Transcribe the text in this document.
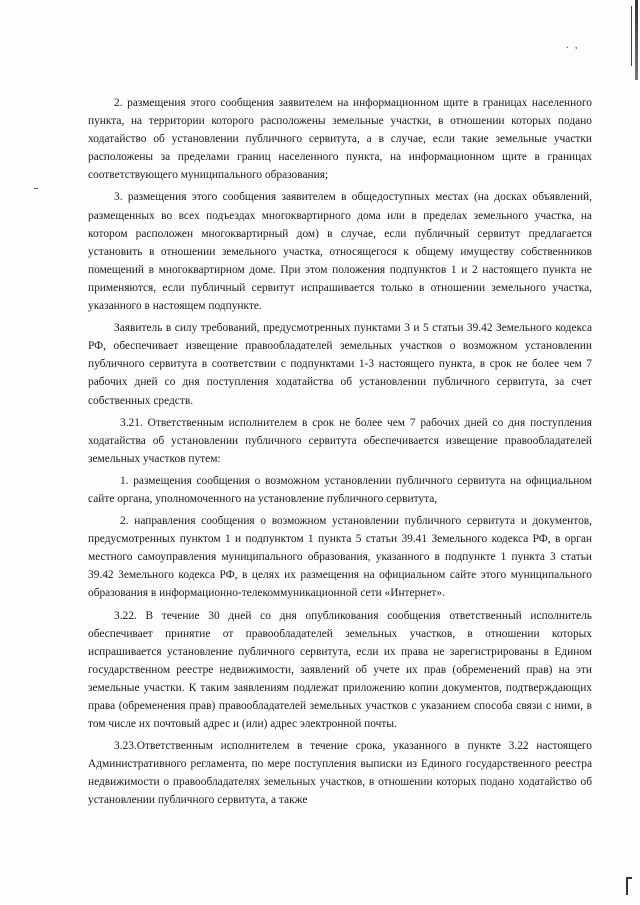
. ,

2. размещения этого сообщения заявителем на информационном щите в границах населенного пункта, на территории которого расположены земельные участки, в отношении которых подано ходатайство об установлении публичного сервитута, а в случае, если такие земельные участки расположены за пределами границ населенного пункта, на информационном щите в границах соответствующего муниципального образования;

3. размещения этого сообщения заявителем в общедоступных местах (на досках объявлений, размещенных во всех подъездах многоквартирного дома или в пределах земельного участка, на котором расположен многоквартирный дом) в случае, если публичный сервитут предлагается установить в отношении земельного участка, относящегося к общему имуществу собственников помещений в многоквартирном доме. При этом положения подпунктов 1 и 2 настоящего пункта не применяются, если публичный сервитут испрашивается только в отношении земельного участка, указанного в настоящем подпункте.

Заявитель в силу требований, предусмотренных пунктами 3 и 5 статьи 39.42 Земельного кодекса РФ, обеспечивает извещение правообладателей земельных участков о возможном установлении публичного сервитута в соответствии с подпунктами 1-3 настоящего пункта, в срок не более чем 7 рабочих дней со дня поступления ходатайства об установлении публичного сервитута, за счет собственных средств.

3.21. Ответственным исполнителем в срок не более чем 7 рабочих дней со дня поступления ходатайства об установлении публичного сервитута обеспечивается извещение правообладателей земельных участков путем:

1. размещения сообщения о возможном установлении публичного сервитута на официальном сайте органа, уполномоченного на установление публичного сервитута,

2. направления сообщения о возможном установлении публичного сервитута и документов, предусмотренных пунктом 1 и подпунктом 1 пункта 5 статьи 39.41 Земельного кодекса РФ, в орган местного самоуправления муниципального образования, указанного в подпункте 1 пункта 3 статьи 39.42 Земельного кодекса РФ, в целях их размещения на официальном сайте этого муниципального образования в информационно-телекоммуникационной сети «Интернет».

3.22. В течение 30 дней со дня опубликования сообщения ответственный исполнитель обеспечивает принятие от правообладателей земельных участков, в отношении которых испрашивается установление публичного сервитута, если их права не зарегистрированы в Едином государственном реестре недвижимости, заявлений об учете их прав (обременений прав) на эти земельные участки. К таким заявлениям подлежат приложению копии документов, подтверждающих права (обременения прав) правообладателей земельных участков с указанием способа связи с ними, в том числе их почтовый адрес и (или) адрес электронной почты.

3.23.Ответственным исполнителем в течение срока, указанного в пункте 3.22 настоящего Административного регламента, по мере поступления выписки из Единого государственного реестра недвижимости о правообладателях земельных участков, в отношении которых подано ходатайство об установлении публичного сервитута, а также
